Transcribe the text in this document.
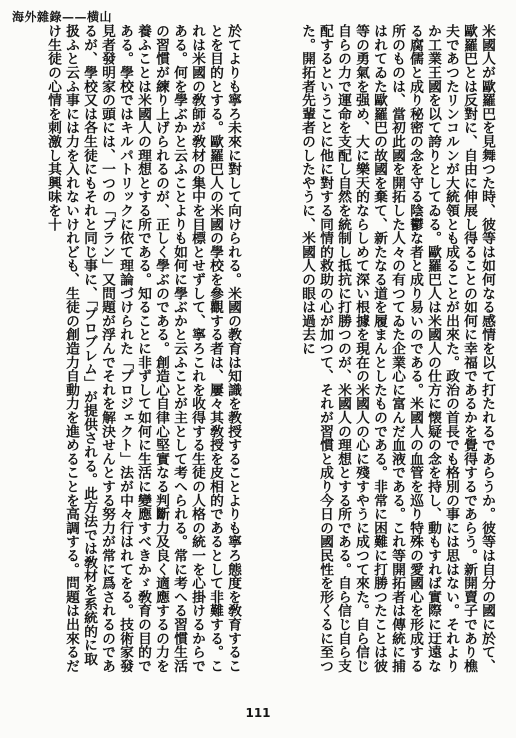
海外雜錄——横山

米國人が歐羅巴を見舞つた時、彼等は如何なる感情を以て打たれるであらうか。彼等は自分の國に於て、歐羅巴とは反對に、自由に伸展し得ることの如何に幸福であるかを覺得するであらう。新開賣子であり樵夫であつたリンコルンが大統領とも成ることが出來た。政治の首長でも格別の事には思はない。それよりか工業王國を以て誇りとしてゐる。歐羅巴人は米國人の仕方に懐疑の念を持し、動もすれば實際に迂遠なる腐儒と成り秘密の念を守る陰鬱な者と成り易いのである。米國人の血管を巡り特殊の愛國心を形成する所のものは、當初此國を開拓した人々の有つてゐた企業心に富んだ血液である。これ等開拓者は傳統に捕はれてゐた歐羅巴の故國を棄て、新たなる道を履まんとしたものである。非常に困難に打勝つたことは彼等の勇氣を强め、大に樂天的ならしめて深い根據を現在の米國人の心に殘すやうに成つて來た。自ら信じ自らの力で運命を支配し自然を統制し抵抗に打勝つのが、米國人の理想とする所である。自ら信じ自ら支配するということに他に對する同情的救助の心が加つて、それが習慣と成り今日の國民性を形くるに至つた。開拓者先輩者のしたやうに、米國人の眼は過去に

於てよりも寧ろ未來に對して向けられる。米國の教育は知識を教授することよりも寧ろ態度を敎育することを目的とする。歐羅巴人の米國の學校を參觀する者は、屢々其敎授を皮相的であるとして非難する。これは米國の敎師が敎材の集中を目標とせずして、寧ろこれを收得する生徒の人格の統一を心掛けるからである。何を學ぶかと云ふことよりも如何に學ぶかと云ふことが主として考へられる。常に考へる習慣生活の習慣が練り上げられるのが、正しく學ぶのである。創造心自律心堅實なる判斷力及良く適應するの力を養ふことは米國人の理想とする所である。知ることに非ずして如何に生活に變應すべきかゞ敎育の目的である。學校ではキルパトリックに依て理論づけられた「プロジェクト」法が中々行はれてをる。技術家發見者發明家の頭には、一つの「プラン」又問題が浮んでそれを解決せんとする努力が常に爲されるのであるが、學校又は各生徒にもそれと同じ事に、「プロブレム」が提供される。此方法では敎材を系統的に取扱ふと云ふ事には力を入れないけれども、生徒の創造力自動力を進めることを高調する。問題は出來るだけ生徒の心情を刺激し其興味を十

111
